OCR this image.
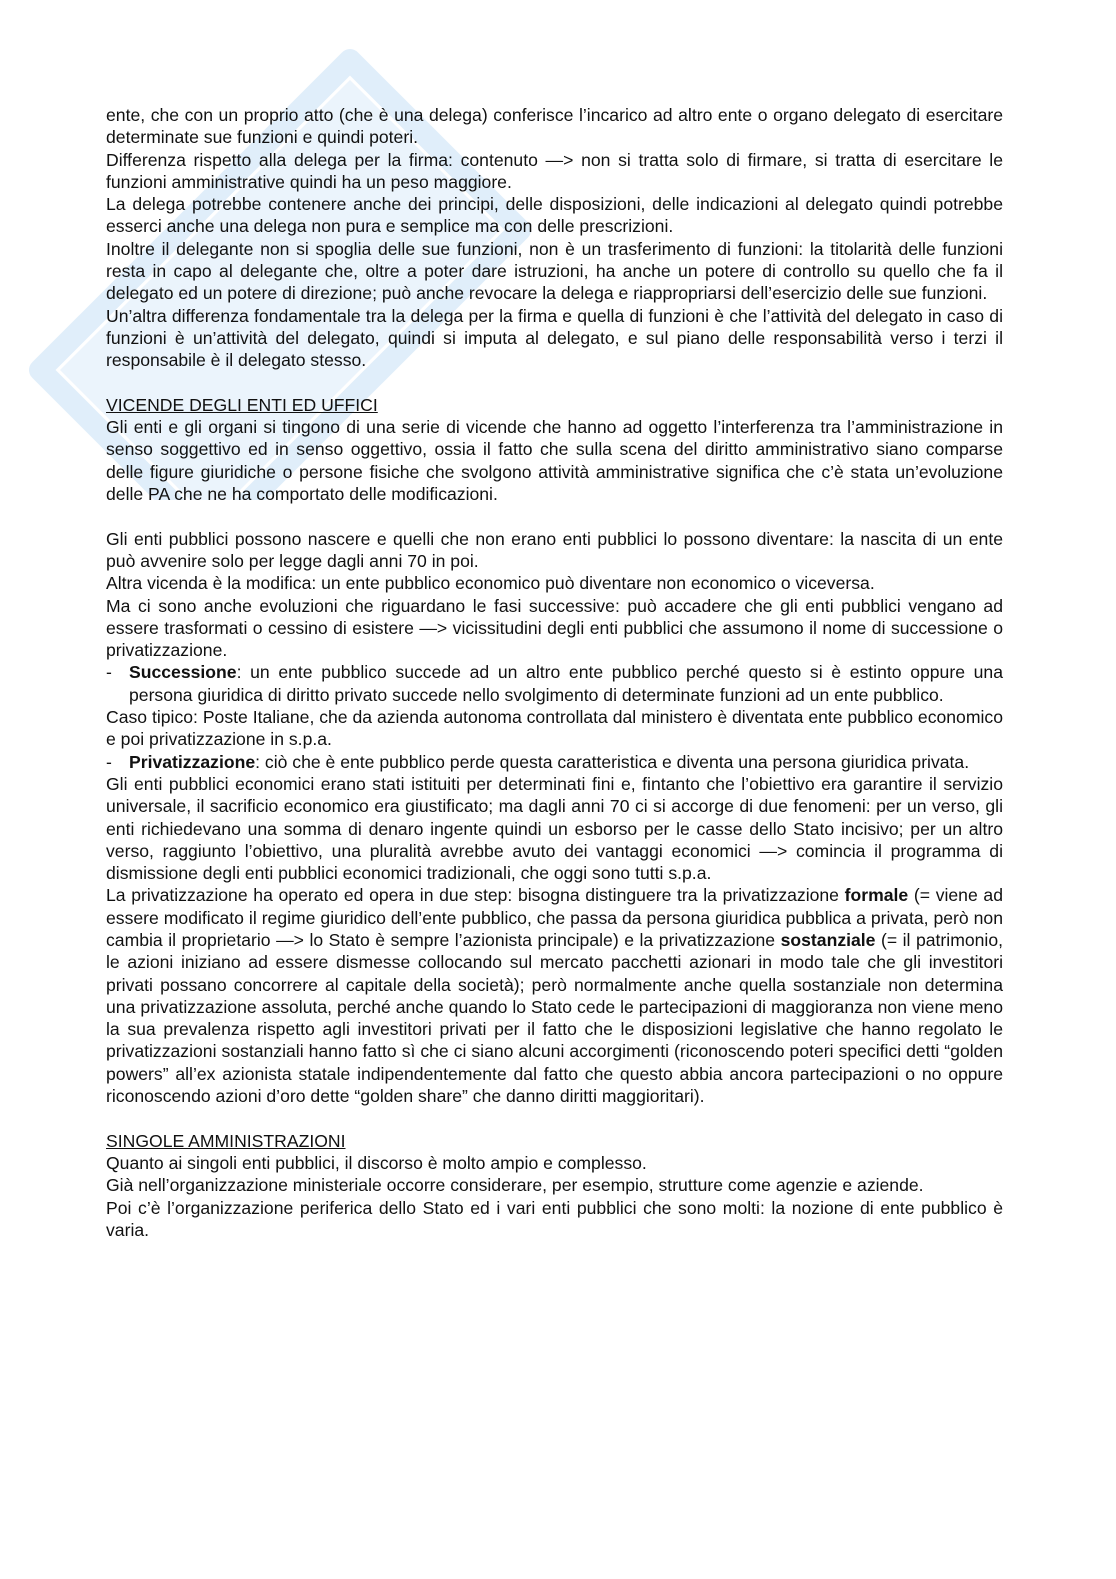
ente, che con un proprio atto (che è una delega) conferisce l’incarico ad altro ente o organo delegato di esercitare determinate sue funzioni e quindi poteri.

Differenza rispetto alla delega per la firma: contenuto —> non si tratta solo di firmare, si tratta di esercitare le funzioni amministrative quindi ha un peso maggiore.

La delega potrebbe contenere anche dei principi, delle disposizioni, delle indicazioni al delegato quindi potrebbe esserci anche una delega non pura e semplice ma con delle prescrizioni.

Inoltre il delegante non si spoglia delle sue funzioni, non è un trasferimento di funzioni: la titolarità delle funzioni resta in capo al delegante che, oltre a poter dare istruzioni, ha anche un potere di controllo su quello che fa il delegato ed un potere di direzione; può anche revocare la delega e riappropriarsi dell’esercizio delle sue funzioni.

Un’altra differenza fondamentale tra la delega per la firma e quella di funzioni è che l’attività del delegato in caso di funzioni è un’attività del delegato, quindi si imputa al delegato, e sul piano delle responsabilità verso i terzi il responsabile è il delegato stesso.

VICENDE DEGLI ENTI ED UFFICI

Gli enti e gli organi si tingono di una serie di vicende che hanno ad oggetto l’interferenza tra l’amministrazione in senso soggettivo ed in senso oggettivo, ossia il fatto che sulla scena del diritto amministrativo siano comparse delle figure giuridiche o persone fisiche che svolgono attività amministrative significa che c’è stata un’evoluzione delle PA che ne ha comportato delle modificazioni.

Gli enti pubblici possono nascere e quelli che non erano enti pubblici lo possono diventare: la nascita di un ente può avvenire solo per legge dagli anni 70 in poi.

Altra vicenda è la modifica: un ente pubblico economico può diventare non economico o viceversa.

Ma ci sono anche evoluzioni che riguardano le fasi successive: può accadere che gli enti pubblici vengano ad essere trasformati o cessino di esistere —> vicissitudini degli enti pubblici che assumono il nome di successione o privatizzazione.

- Successione: un ente pubblico succede ad un altro ente pubblico perché questo si è estinto oppure una persona giuridica di diritto privato succede nello svolgimento di determinate funzioni ad un ente pubblico.

Caso tipico: Poste Italiane, che da azienda autonoma controllata dal ministero è diventata ente pubblico economico e poi privatizzazione in s.p.a.

- Privatizzazione: ciò che è ente pubblico perde questa caratteristica e diventa una persona giuridica privata.

Gli enti pubblici economici erano stati istituiti per determinati fini e, fintanto che l’obiettivo era garantire il servizio universale, il sacrificio economico era giustificato; ma dagli anni 70 ci si accorge di due fenomeni: per un verso, gli enti richiedevano una somma di denaro ingente quindi un esborso per le casse dello Stato incisivo; per un altro verso, raggiunto l’obiettivo, una pluralità avrebbe avuto dei vantaggi economici —> comincia il programma di dismissione degli enti pubblici economici tradizionali, che oggi sono tutti s.p.a.

La privatizzazione ha operato ed opera in due step: bisogna distinguere tra la privatizzazione formale (= viene ad essere modificato il regime giuridico dell’ente pubblico, che passa da persona giuridica pubblica a privata, però non cambia il proprietario —> lo Stato è sempre l’azionista principale) e la privatizzazione sostanziale (= il patrimonio, le azioni iniziano ad essere dismesse collocando sul mercato pacchetti azionari in modo tale che gli investitori privati possano concorrere al capitale della società); però normalmente anche quella sostanziale non determina una privatizzazione assoluta, perché anche quando lo Stato cede le partecipazioni di maggioranza non viene meno la sua prevalenza rispetto agli investitori privati per il fatto che le disposizioni legislative che hanno regolato le privatizzazioni sostanziali hanno fatto sì che ci siano alcuni accorgimenti (riconoscendo poteri specifici detti “golden powers” all’ex azionista statale indipendentemente dal fatto che questo abbia ancora partecipazioni o no oppure riconoscendo azioni d’oro dette “golden share” che danno diritti maggioritari).

SINGOLE AMMINISTRAZIONI

Quanto ai singoli enti pubblici, il discorso è molto ampio e complesso.

Già nell’organizzazione ministeriale occorre considerare, per esempio, strutture come agenzie e aziende.

Poi c’è l’organizzazione periferica dello Stato ed i vari enti pubblici che sono molti: la nozione di ente pubblico è varia.
